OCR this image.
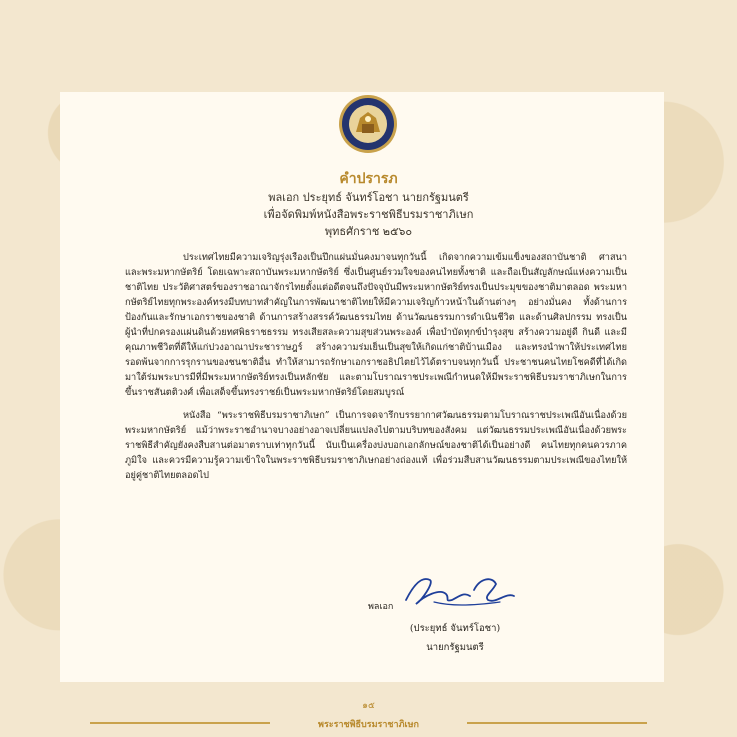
คำปรารภ
พลเอก ประยุทธ์ จันทร์โอชา นายกรัฐมนตรี
เพื่อจัดพิมพ์หนังสือพระราชพิธีบรมราชาภิเษก
พุทธศักราช ๒๕๖๐

ประเทศไทยมีความเจริญรุ่งเรืองเป็นปึกแผ่นมั่นคงมาจนทุกวันนี้ เกิดจากความเข้มแข็งของสถาบันชาติ ศาสนา และพระมหากษัตริย์ โดยเฉพาะสถาบันพระมหากษัตริย์ ซึ่งเป็นศูนย์รวมใจของคนไทยทั้งชาติ และถือเป็นสัญลักษณ์แห่งความเป็นชาติไทย ประวัติศาสตร์ของราชอาณาจักรไทยตั้งแต่อดีตจนถึงปัจจุบันมีพระมหากษัตริย์ทรงเป็นประมุขของชาติมาตลอด พระมหากษัตริย์ไทยทุกพระองค์ทรงมีบทบาทสำคัญในการพัฒนาชาติไทยให้มีความเจริญก้าวหน้าในด้านต่างๆ อย่างมั่นคง ทั้งด้านการป้องกันและรักษาเอกราชของชาติ ด้านการสร้างสรรค์วัฒนธรรมไทย ด้านวัฒนธรรมการดำเนินชีวิต และด้านศิลปกรรม ทรงเป็นผู้นำที่ปกครองแผ่นดินด้วยทศพิธราชธรรม ทรงเสียสละความสุขส่วนพระองค์ เพื่อบำบัดทุกข์บำรุงสุข สร้างความอยู่ดี กินดี และมีคุณภาพชีวิตที่ดีให้แก่ปวงอาณาประชาราษฎร์ สร้างความร่มเย็นเป็นสุขให้เกิดแก่ชาติบ้านเมือง และทรงนำพาให้ประเทศไทยรอดพ้นจากการรุกรานของชนชาติอื่น ทำให้สามารถรักษาเอกราชอธิปไตยไว้ได้ตราบจนทุกวันนี้ ประชาชนคนไทยโชคดีที่ได้เกิดมาใต้ร่มพระบารมีที่มีพระมหากษัตริย์ทรงเป็นหลักชัย และตามโบราณราชประเพณีกำหนดให้มีพระราชพิธีบรมราชาภิเษกในการขึ้นราชสันตติวงศ์ เพื่อเสด็จขึ้นทรงราชย์เป็นพระมหากษัตริย์โดยสมบูรณ์

หนังสือ “พระราชพิธีบรมราชาภิเษก” เป็นการจดจารึกบรรยากาศวัฒนธรรมตามโบราณราชประเพณีอันเนื่องด้วยพระมหากษัตริย์ แม้ว่าพระราชอำนาจบางอย่างอาจเปลี่ยนแปลงไปตามบริบทของสังคม แต่วัฒนธรรมประเพณีอันเนื่องด้วยพระราชพิธีสำคัญยังคงสืบสานต่อมาตราบเท่าทุกวันนี้ นับเป็นเครื่องบ่งบอกเอกลักษณ์ของชาติได้เป็นอย่างดี คนไทยทุกคนควรภาคภูมิใจ และควรมีความรู้ความเข้าใจในพระราชพิธีบรมราชาภิเษกอย่างถ่องแท้ เพื่อร่วมสืบสานวัฒนธรรมตามประเพณีของไทยให้อยู่คู่ชาติไทยตลอดไป

พลเอก
(ประยุทธ์ จันทร์โอชา)
นายกรัฐมนตรี
๑๕
พระราชพิธีบรมราชาภิเษก
